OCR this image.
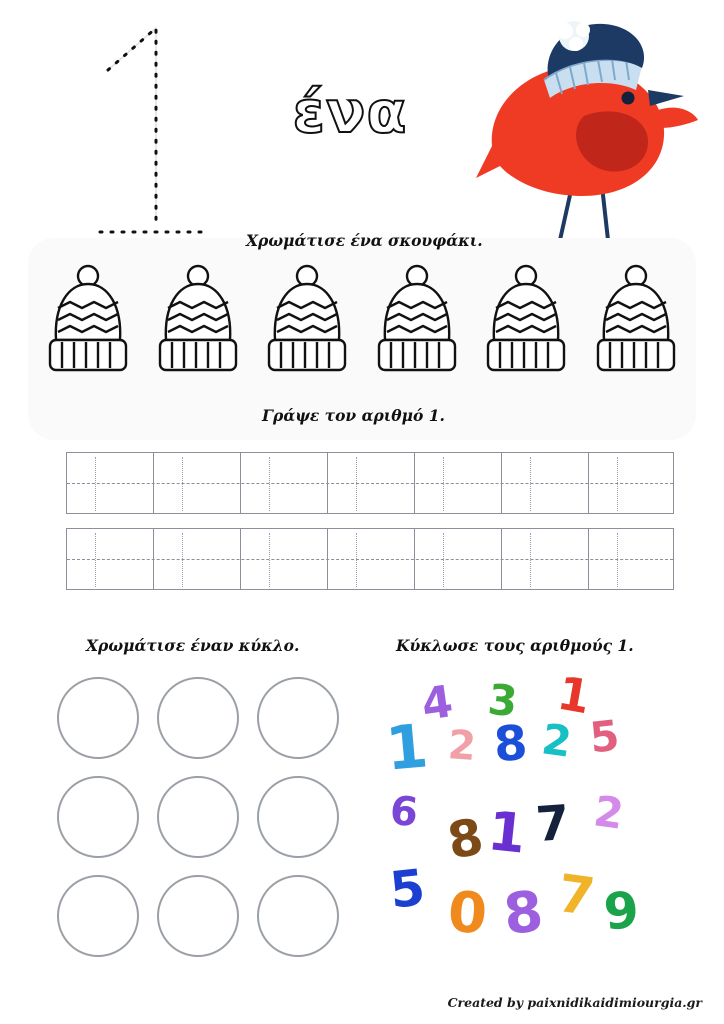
ένα
Χρωμάτισε ένα σκουφάκι.
Γράψε τον αριθμό 1.
Χρωμάτισε έναν κύκλο.	Κύκλωσε τους αριθμούς 1.
4 3 1
1 2 8 2 5
6 8
1 7 2
5 0 8 7 9
Created by paixnidikaidimiourgia.gr
